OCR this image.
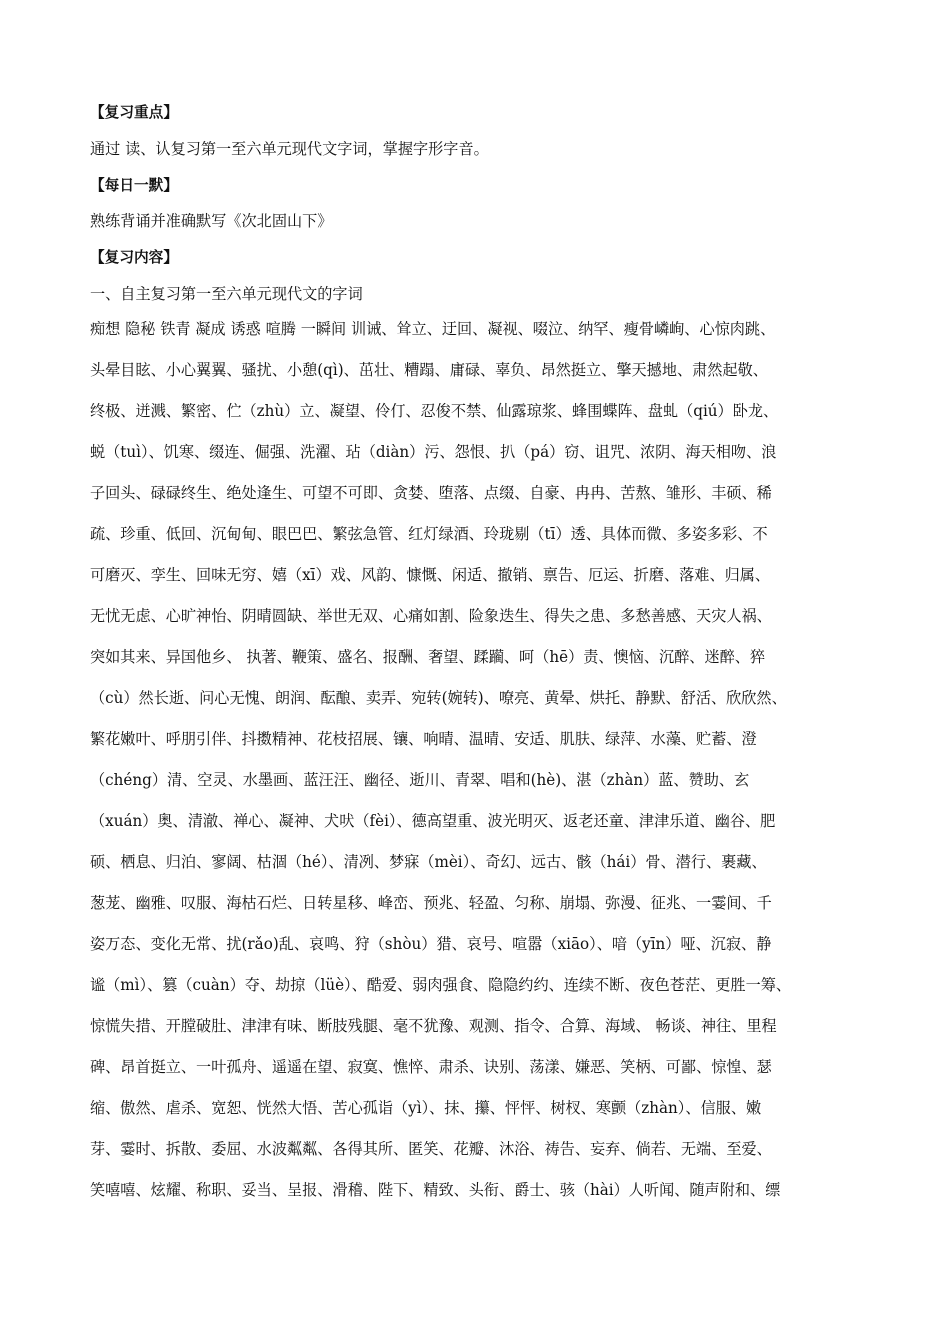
【复习重点】
通过 读、认复习第一至六单元现代文字词，掌握字形字音。
【每日一默】
熟练背诵并准确默写《次北固山下》
【复习内容】
一、自主复习第一至六单元现代文的字词
痴想 隐秘 铁青 凝成 诱惑 喧腾 一瞬间 训诫、耸立、迂回、凝视、啜泣、纳罕、瘦骨嶙峋、心惊肉跳、
头晕目眩、小心翼翼、骚扰、小憩(qì)、茁壮、糟蹋、庸碌、辜负、昂然挺立、擎天撼地、肃然起敬、
终极、迸溅、繁密、伫（zhù）立、凝望、伶仃、忍俊不禁、仙露琼浆、蜂围蝶阵、盘虬（qiú）卧龙、
蜕（tuì）、饥寒、缀连、倔强、洗濯、玷（diàn）污、怨恨、扒（pá）窃、诅咒、浓阴、海天相吻、浪
子回头、碌碌终生、绝处逢生、可望不可即、贪婪、堕落、点缀、自豪、冉冉、苦熬、雏形、丰硕、稀
疏、珍重、低回、沉甸甸、眼巴巴、繁弦急管、红灯绿酒、玲珑剔（tī）透、具体而微、多姿多彩、不
可磨灭、孪生、回味无穷、嬉（xī）戏、风韵、慷慨、闲适、撤销、禀告、厄运、折磨、落难、归属、
无忧无虑、心旷神怡、阴晴圆缺、举世无双、心痛如割、险象迭生、得失之患、多愁善感、天灾人祸、
突如其来、异国他乡、 执著、鞭策、盛名、报酬、奢望、蹂躏、呵（hē）责、懊恼、沉醉、迷醉、猝
（cù）然长逝、问心无愧、朗润、酝酿、卖弄、宛转(婉转)、嘹亮、黄晕、烘托、静默、舒活、欣欣然、
繁花嫩叶、呼朋引伴、抖擞精神、花枝招展、镶、响晴、温晴、安适、肌肤、绿萍、水藻、贮蓄、澄
（chéng）清、空灵、水墨画、蓝汪汪、幽径、逝川、青翠、唱和(hè)、湛（zhàn）蓝、赞助、玄
（xuán）奥、清澈、禅心、凝神、犬吠（fèi）、德高望重、波光明灭、返老还童、津津乐道、幽谷、肥
硕、栖息、归泊、寥阔、枯涸（hé）、清冽、梦寐（mèi）、奇幻、远古、骸（hái）骨、潜行、裹藏、
葱茏、幽雅、叹服、海枯石烂、日转星移、峰峦、预兆、轻盈、匀称、崩塌、弥漫、征兆、一霎间、千
姿万态、变化无常、扰(rǎo)乱、哀鸣、狩（shòu）猎、哀号、喧嚣（xiāo）、喑（yīn）哑、沉寂、静
谧（mì）、篡（cuàn）夺、劫掠（lüè）、酷爱、弱肉强食、隐隐约约、连续不断、夜色苍茫、更胜一筹、
惊慌失措、开膛破肚、津津有味、断肢残腿、毫不犹豫、观测、指令、合算、海域、 畅谈、神往、里程
碑、昂首挺立、一叶孤舟、遥遥在望、寂寞、憔悴、肃杀、诀别、荡漾、嫌恶、笑柄、可鄙、惊惶、瑟
缩、傲然、虐杀、宽恕、恍然大悟、苦心孤诣（yì）、抹、攥、怦怦、树杈、寒颤（zhàn）、信服、嫩
芽、霎时、拆散、委屈、水波粼粼、各得其所、匿笑、花瓣、沐浴、祷告、妄弃、倘若、无端、至爱、
笑嘻嘻、炫耀、称职、妥当、呈报、滑稽、陛下、精致、头衔、爵士、骇（hài）人听闻、随声附和、缥
